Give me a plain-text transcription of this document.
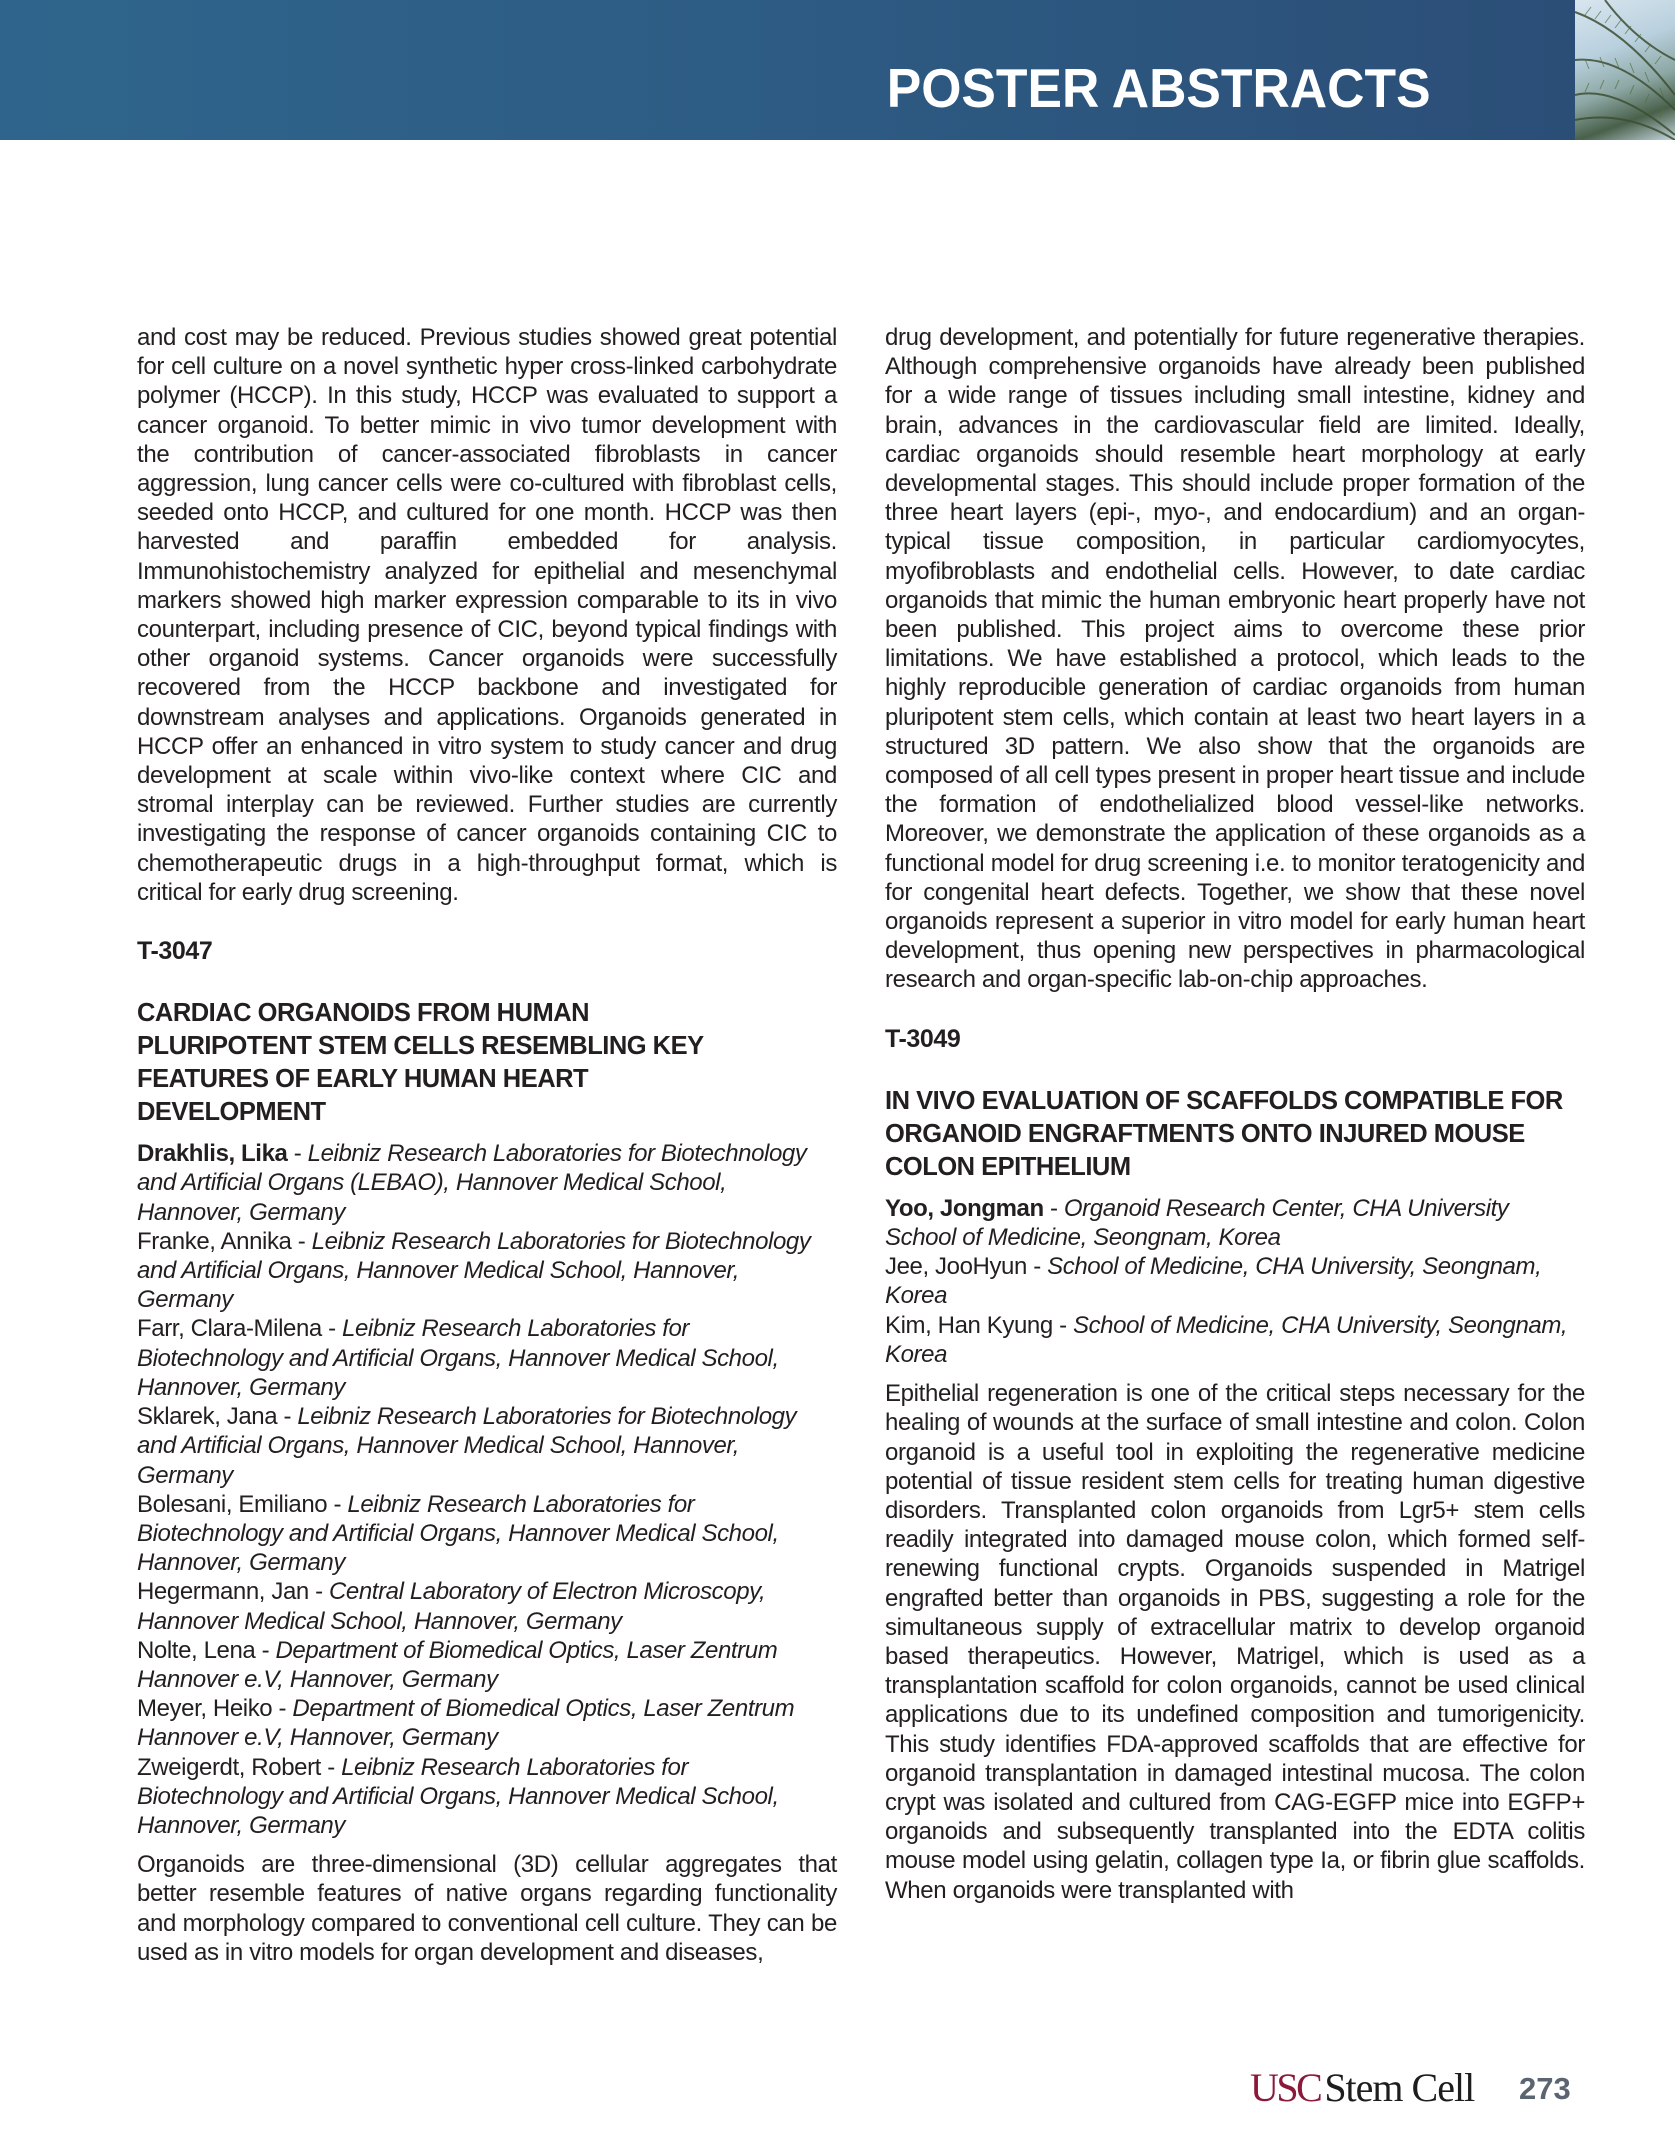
POSTER ABSTRACTS

and cost may be reduced. Previous studies showed great potential for cell culture on a novel synthetic hyper cross-linked carbohydrate polymer (HCCP). In this study, HCCP was evaluated to support a cancer organoid. To better mimic in vivo tumor development with the contribution of cancer-associated fibroblasts in cancer aggression, lung cancer cells were co-cultured with fibroblast cells, seeded onto HCCP, and cultured for one month. HCCP was then harvested and paraffin embedded for analysis. Immunohistochemistry analyzed for epithelial and mesenchymal markers showed high marker expression comparable to its in vivo counterpart, including presence of CIC, beyond typical findings with other organoid systems. Cancer organoids were successfully recovered from the HCCP backbone and investigated for downstream analyses and applications. Organoids generated in HCCP offer an enhanced in vitro system to study cancer and drug development at scale within vivo-like context where CIC and stromal interplay can be reviewed. Further studies are currently investigating the response of cancer organoids containing CIC to chemotherapeutic drugs in a high-throughput format, which is critical for early drug screening.

T-3047
CARDIAC ORGANOIDS FROM HUMAN PLURIPOTENT STEM CELLS RESEMBLING KEY FEATURES OF EARLY HUMAN HEART DEVELOPMENT
Drakhlis, Lika - Leibniz Research Laboratories for Biotechnology and Artificial Organs (LEBAO), Hannover Medical School, Hannover, Germany
Franke, Annika - Leibniz Research Laboratories for Biotechnology and Artificial Organs, Hannover Medical School, Hannover, Germany
Farr, Clara-Milena - Leibniz Research Laboratories for Biotechnology and Artificial Organs, Hannover Medical School, Hannover, Germany
Sklarek, Jana - Leibniz Research Laboratories for Biotechnology and Artificial Organs, Hannover Medical School, Hannover, Germany
Bolesani, Emiliano - Leibniz Research Laboratories for Biotechnology and Artificial Organs, Hannover Medical School, Hannover, Germany
Hegermann, Jan - Central Laboratory of Electron Microscopy, Hannover Medical School, Hannover, Germany
Nolte, Lena - Department of Biomedical Optics, Laser Zentrum Hannover e.V, Hannover, Germany
Meyer, Heiko - Department of Biomedical Optics, Laser Zentrum Hannover e.V, Hannover, Germany
Zweigerdt, Robert - Leibniz Research Laboratories for Biotechnology and Artificial Organs, Hannover Medical School, Hannover, Germany

Organoids are three-dimensional (3D) cellular aggregates that better resemble features of native organs regarding functionality and morphology compared to conventional cell culture. They can be used as in vitro models for organ development and diseases,

drug development, and potentially for future regenerative therapies. Although comprehensive organoids have already been published for a wide range of tissues including small intestine, kidney and brain, advances in the cardiovascular field are limited. Ideally, cardiac organoids should resemble heart morphology at early developmental stages. This should include proper formation of the three heart layers (epi-, myo-, and endocardium) and an organ-typical tissue composition, in particular cardiomyocytes, myofibroblasts and endothelial cells. However, to date cardiac organoids that mimic the human embryonic heart properly have not been published. This project aims to overcome these prior limitations. We have established a protocol, which leads to the highly reproducible generation of cardiac organoids from human pluripotent stem cells, which contain at least two heart layers in a structured 3D pattern. We also show that the organoids are composed of all cell types present in proper heart tissue and include the formation of endothelialized blood vessel-like networks. Moreover, we demonstrate the application of these organoids as a functional model for drug screening i.e. to monitor teratogenicity and for congenital heart defects. Together, we show that these novel organoids represent a superior in vitro model for early human heart development, thus opening new perspectives in pharmacological research and organ-specific lab-on-chip approaches.

T-3049
IN VIVO EVALUATION OF SCAFFOLDS COMPATIBLE FOR ORGANOID ENGRAFTMENTS ONTO INJURED MOUSE COLON EPITHELIUM
Yoo, Jongman - Organoid Research Center, CHA University School of Medicine, Seongnam, Korea
Jee, JooHyun - School of Medicine, CHA University, Seongnam, Korea
Kim, Han Kyung - School of Medicine, CHA University, Seongnam, Korea

Epithelial regeneration is one of the critical steps necessary for the healing of wounds at the surface of small intestine and colon. Colon organoid is a useful tool in exploiting the regenerative medicine potential of tissue resident stem cells for treating human digestive disorders. Transplanted colon organoids from Lgr5+ stem cells readily integrated into damaged mouse colon, which formed self-renewing functional crypts. Organoids suspended in Matrigel engrafted better than organoids in PBS, suggesting a role for the simultaneous supply of extracellular matrix to develop organoid based therapeutics. However, Matrigel, which is used as a transplantation scaffold for colon organoids, cannot be used clinical applications due to its undefined composition and tumorigenicity. This study identifies FDA-approved scaffolds that are effective for organoid transplantation in damaged intestinal mucosa. The colon crypt was isolated and cultured from CAG-EGFP mice into EGFP+ organoids and subsequently transplanted into the EDTA colitis mouse model using gelatin, collagen type Ia, or fibrin glue scaffolds. When organoids were transplanted with

USC Stem Cell 273
